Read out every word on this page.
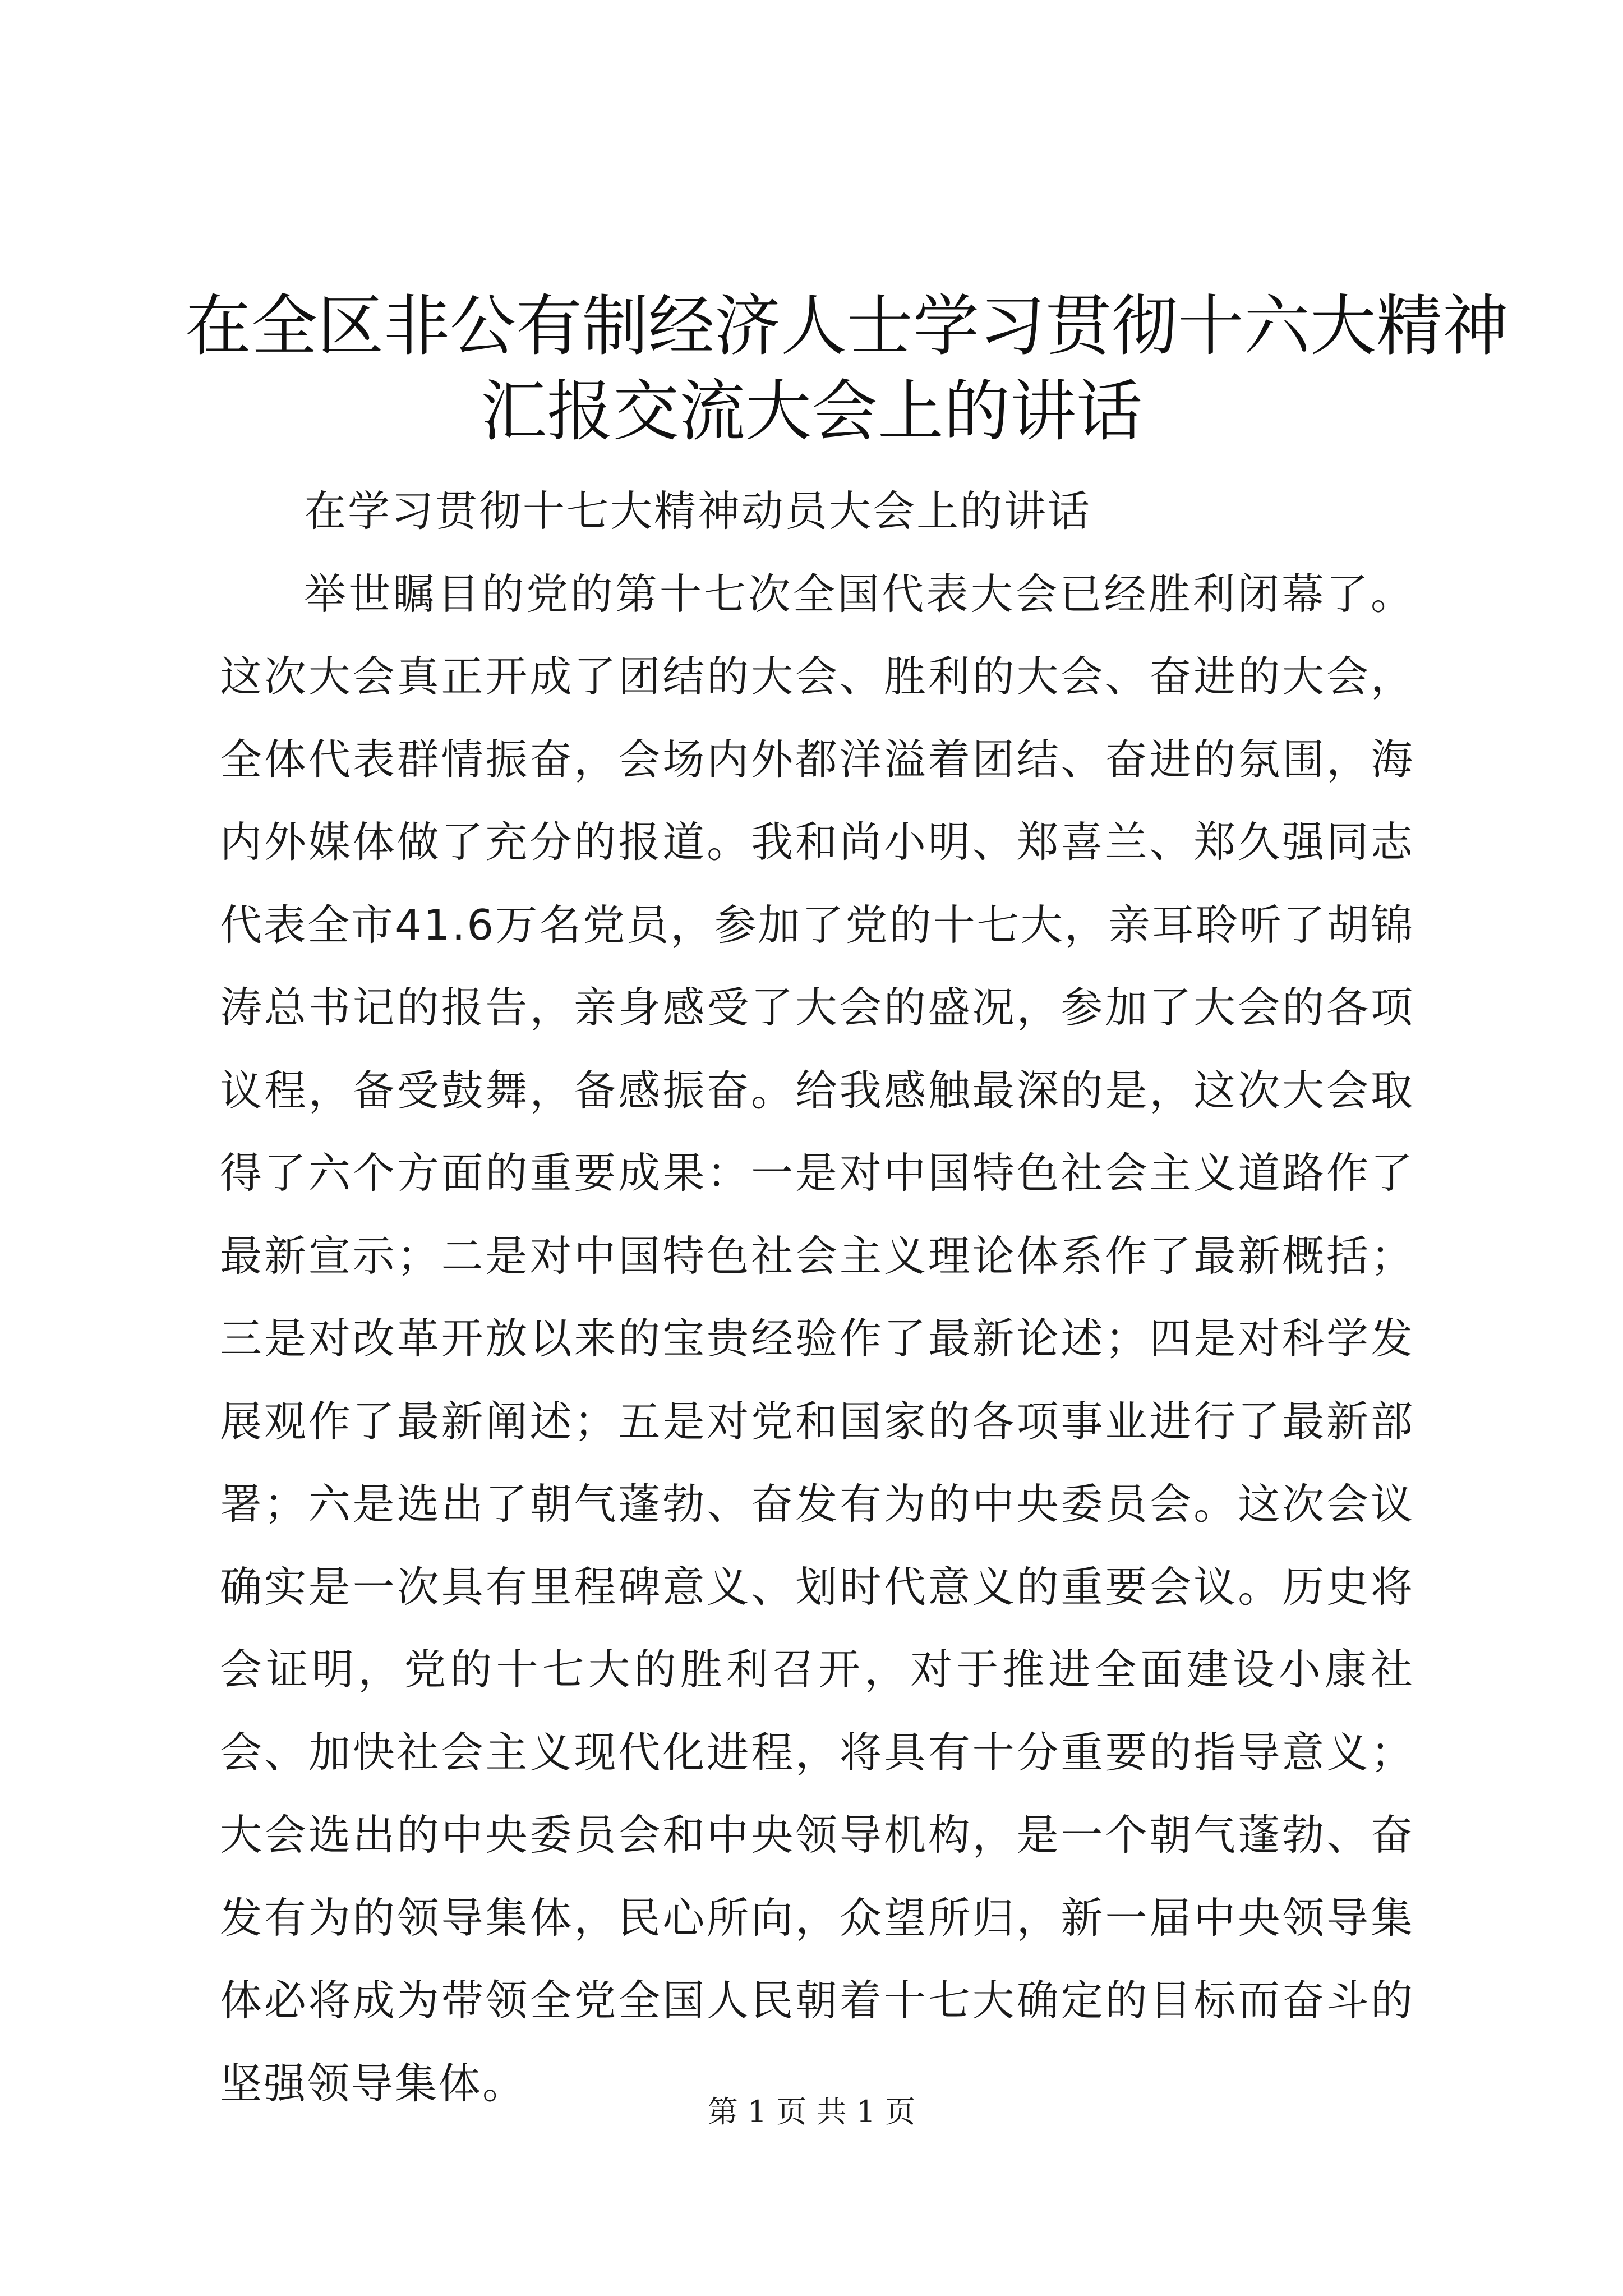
在全区非公有制经济人士学习贯彻十六大精神
汇报交流大会上的讲话

在学习贯彻十七大精神动员大会上的讲话

举世瞩目的党的第十七次全国代表大会已经胜利闭幕了。这次大会真正开成了团结的大会、胜利的大会、奋进的大会，全体代表群情振奋，会场内外都洋溢着团结、奋进的氛围，海内外媒体做了充分的报道。我和尚小明、郑喜兰、郑久强同志代表全市41.6万名党员，参加了党的十七大，亲耳聆听了胡锦涛总书记的报告，亲身感受了大会的盛况，参加了大会的各项议程，备受鼓舞，备感振奋。给我感触最深的是，这次大会取得了六个方面的重要成果：一是对中国特色社会主义道路作了最新宣示；二是对中国特色社会主义理论体系作了最新概括；三是对改革开放以来的宝贵经验作了最新论述；四是对科学发展观作了最新阐述；五是对党和国家的各项事业进行了最新部署；六是选出了朝气蓬勃、奋发有为的中央委员会。这次会议确实是一次具有里程碑意义、划时代意义的重要会议。历史将会证明，党的十七大的胜利召开，对于推进全面建设小康社会、加快社会主义现代化进程，将具有十分重要的指导意义；大会选出的中央委员会和中央领导机构，是一个朝气蓬勃、奋发有为的领导集体，民心所向，众望所归，新一届中央领导集体必将成为带领全党全国人民朝着十七大确定的目标而奋斗的坚强领导集体。

第 1 页 共 1 页
